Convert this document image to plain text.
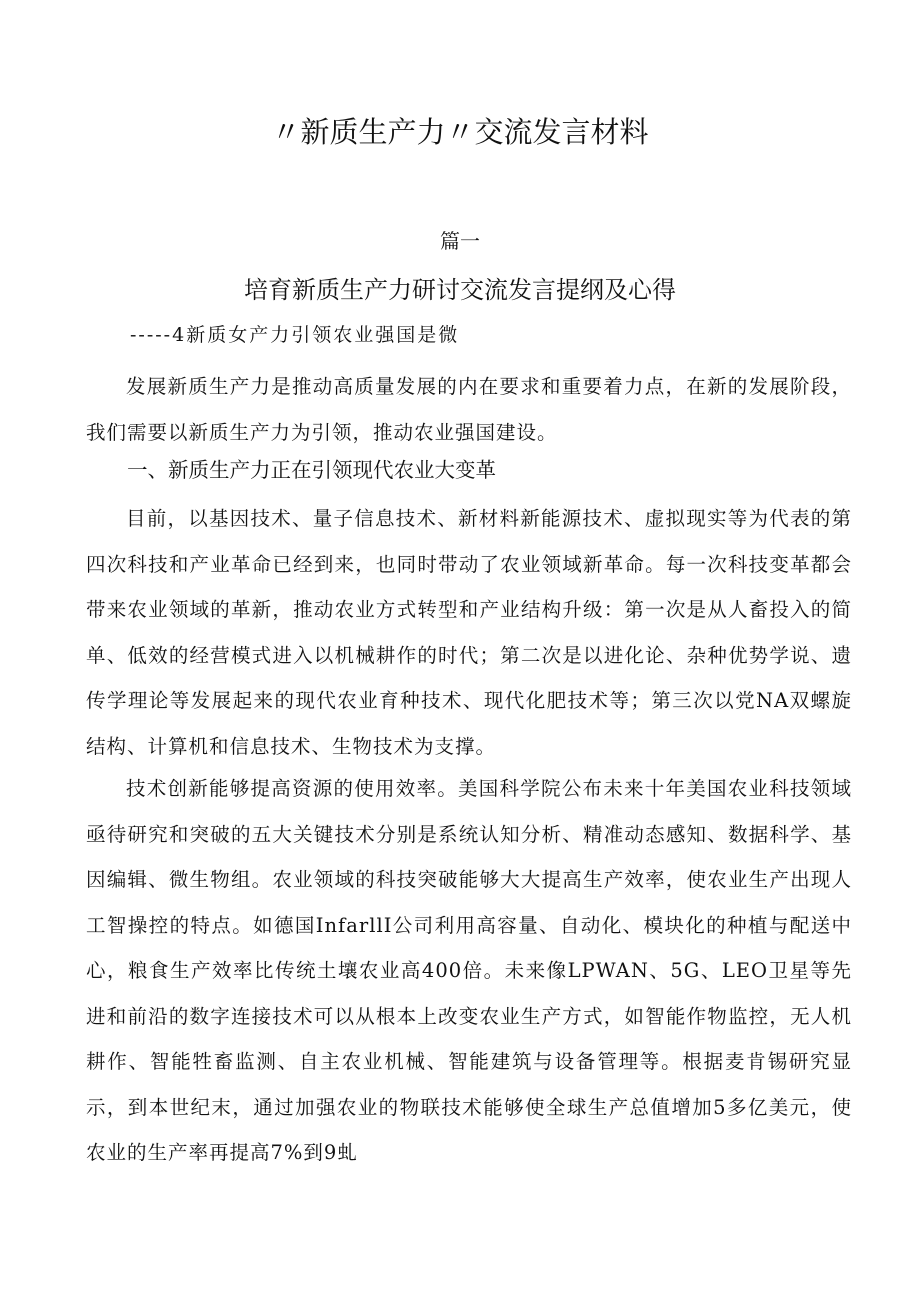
〃新质生产力〃交流发言材料
篇一
培育新质生产力研讨交流发言提纲及心得
-----4新质女产力引领农业强国是微

发展新质生产力是推动高质量发展的内在要求和重要着力点，在新的发展阶段，我们需要以新质生产力为引领，推动农业强国建设。

一、新质生产力正在引领现代农业大变革

目前，以基因技术、量子信息技术、新材料新能源技术、虚拟现实等为代表的第四次科技和产业革命已经到来，也同时带动了农业领域新革命。每一次科技变革都会带来农业领域的革新，推动农业方式转型和产业结构升级：第一次是从人畜投入的简单、低效的经营模式进入以机械耕作的时代；第二次是以进化论、杂种优势学说、遗传学理论等发展起来的现代农业育种技术、现代化肥技术等；第三次以党NA双螺旋结构、计算机和信息技术、生物技术为支撑。

技术创新能够提高资源的使用效率。美国科学院公布未来十年美国农业科技领域亟待研究和突破的五大关键技术分别是系统认知分析、精准动态感知、数据科学、基因编辑、微生物组。农业领域的科技突破能够大大提高生产效率，使农业生产出现人工智操控的特点。如德国InfarllI公司利用高容量、自动化、模块化的种植与配送中心，粮食生产效率比传统土壤农业高400倍。未来像LPWAN、5G、LEO卫星等先进和前沿的数字连接技术可以从根本上改变农业生产方式，如智能作物监控，无人机耕作、智能牲畜监测、自主农业机械、智能建筑与设备管理等。根据麦肯锡研究显示，到本世纪末，通过加强农业的物联技术能够使全球生产总值增加5多亿美元，使农业的生产率再提高7%到9虬
